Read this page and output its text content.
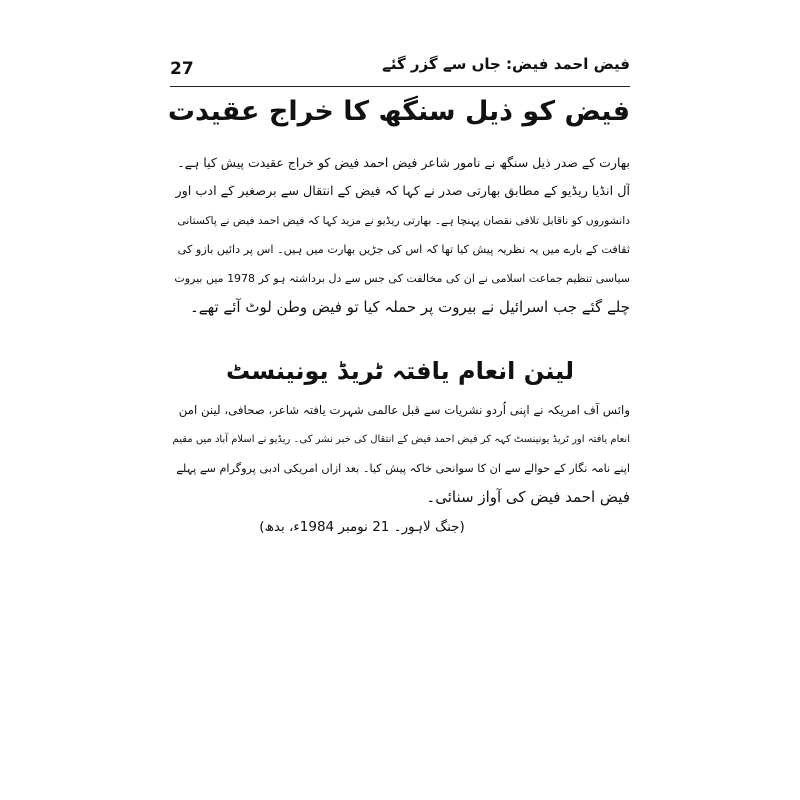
27	فیض احمد فیض: جاں سے گزر گئے
فیض کو ذیل سنگھ کا خراج عقیدت
بھارت کے صدر ذیل سنگھ نے نامور شاعر فیض احمد فیض کو خراج عقیدت پیش کیا ہے۔
آل انڈیا ریڈیو کے مطابق بھارتی صدر نے کہا کہ فیض کے انتقال سے برصغیر کے ادب اور
دانشوروں کو ناقابل تلافی نقصان پہنچا ہے۔ بھارتی ریڈیو نے مزید کہا کہ فیض احمد فیض نے پاکستانی
ثقافت کے بارے میں یہ نظریہ پیش کیا تھا کہ اس کی جڑیں بھارت میں ہیں۔ اس پر دائیں بازو کی
سیاسی تنظیم جماعت اسلامی نے ان کی مخالفت کی جس سے دل برداشتہ ہو کر 1978 میں بیروت
چلے گئے جب اسرائیل نے بیروت پر حملہ کیا تو فیض وطن لوٹ آئے تھے۔
لینن انعام یافتہ ٹریڈ یونینسٹ
وائس آف امریکہ نے اپنی اُردو نشریات سے قبل عالمی شہرت یافتہ شاعر، صحافی، لینن امن
انعام یافتہ اور ٹریڈ یونینسٹ کہہ کر فیض احمد فیض کے انتقال کی خبر نشر کی۔ ریڈیو نے اسلام آباد میں مقیم
اپنے نامہ نگار کے حوالے سے ان کا سوانحی خاکہ پیش کیا۔ بعد ازاں امریکی ادبی پروگرام سے پہلے
فیض احمد فیض کی آواز سنائی۔
(جنگ لاہور۔ 21 نومبر 1984ء، بدھ)
